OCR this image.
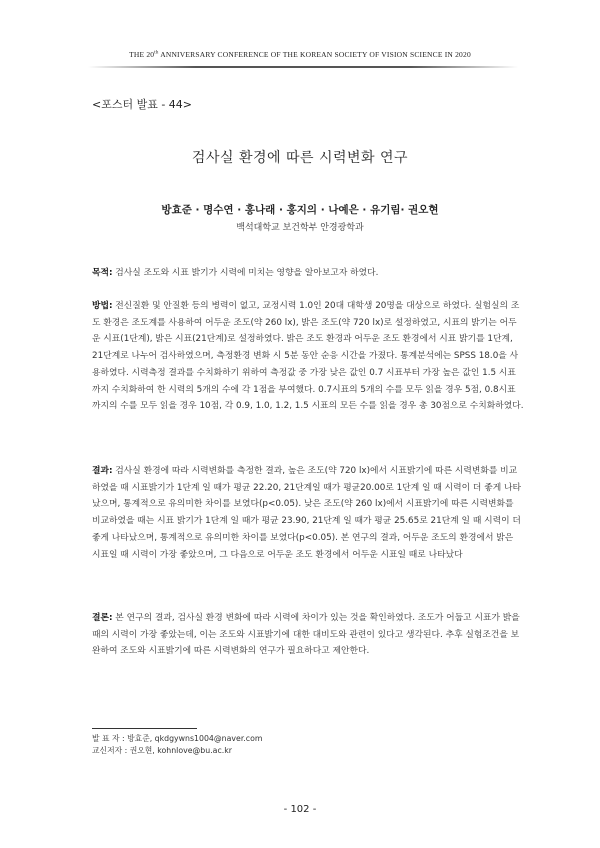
THE 20th ANNIVERSARY CONFERENCE OF THE KOREAN SOCIETY OF VISION SCIENCE IN 2020
<포스터 발표 - 44>
검사실 환경에 따른 시력변화 연구
방효준 · 명수연 · 홍나래 · 홍지의 · 나예은 · 유기림· 권오현
백석대학교 보건학부 안경광학과
목적: 검사실 조도와 시표 밝기가 시력에 미치는 영향을 알아보고자 하였다.
방법: 전신질환 및 안질환 등의 병력이 없고, 교정시력 1.0인 20대 대학생 20명을 대상으로 하였다. 실험실의 조도 환경은 조도계를 사용하여 어두운 조도(약 260 lx), 밝은 조도(약 720 lx)로 설정하였고, 시표의 밝기는 어두운 시표(1단계), 밝은 시표(21단계)로 설정하였다. 밝은 조도 환경과 어두운 조도 환경에서 시표 밝기를 1단계, 21단계로 나누어 검사하였으며, 측정환경 변화 시 5분 동안 순응 시간을 가졌다. 통계분석에는 SPSS 18.0을 사용하였다. 시력측정 결과를 수치화하기 위하여 측정값 중 가장 낮은 값인 0.7 시표부터 가장 높은 값인 1.5 시표까지 수치화하여 한 시력의 5개의 수에 각 1점을 부여했다. 0.7시표의 5개의 수를 모두 읽을 경우 5점, 0.8시표까지의 수를 모두 읽을 경우 10점, 각 0.9, 1.0, 1.2, 1.5 시표의 모든 수를 읽을 경우 총 30점으로 수치화하였다.
결과: 검사실 환경에 따라 시력변화를 측정한 결과, 높은 조도(약 720 lx)에서 시표밝기에 따른 시력변화를 비교하였을 때 시표밝기가 1단계 일 때가 평균 22.20, 21단계일 때가 평균20.00로 1단계 일 때 시력이 더 좋게 나타났으며, 통계적으로 유의미한 차이를 보였다(p<0.05). 낮은 조도(약 260 lx)에서 시표밝기에 따른 시력변화를 비교하였을 때는 시표 밝기가 1단계 일 때가 평균 23.90, 21단계 일 때가 평균 25.65로 21단계 일 때 시력이 더 좋게 나타났으며, 통계적으로 유의미한 차이를 보였다(p<0.05). 본 연구의 결과, 어두운 조도의 환경에서 밝은 시표일 때 시력이 가장 좋았으며, 그 다음으로 어두운 조도 환경에서 어두운 시표일 때로 나타났다
결론: 본 연구의 결과, 검사실 환경 변화에 따라 시력에 차이가 있는 것을 확인하였다. 조도가 어둡고 시표가 밝을 때의 시력이 가장 좋았는데, 이는 조도와 시표밝기에 대한 대비도와 관련이 있다고 생각된다. 추후 실험조건을 보완하여 조도와 시표밝기에 따른 시력변화의 연구가 필요하다고 제안한다.
발 표 자 : 방효준, qkdgywns1004@naver.com
교신저자 : 권오현, kohnlove@bu.ac.kr
- 102 -
